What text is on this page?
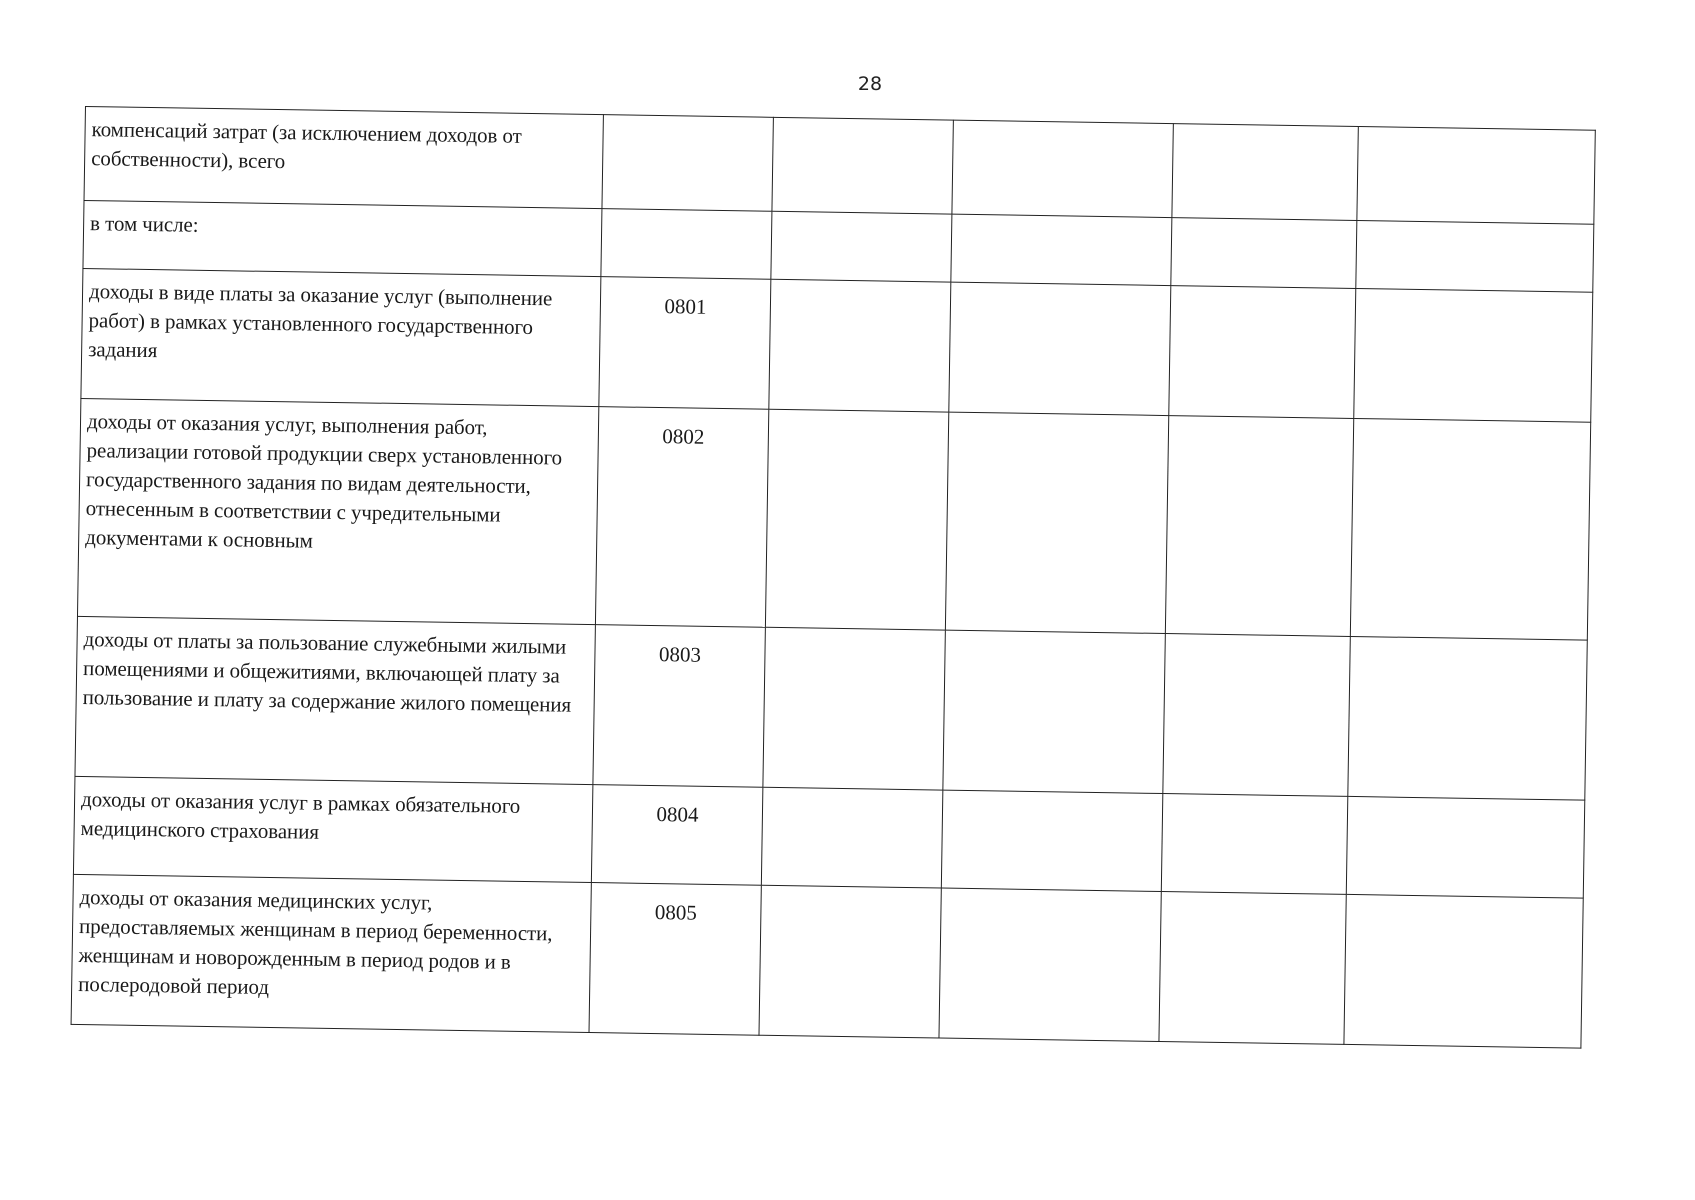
28
компенсаций затрат (за исключением доходов от собственности), всего					
в том числе:					
доходы в виде платы за оказание услуг (выполнение работ) в рамках установленного государственного задания	0801				
доходы от оказания услуг, выполнения работ, реализации готовой продукции сверх установленного государственного задания по видам деятельности, отнесенным в соответствии с учредительными документами к основным	0802				
доходы от платы за пользование служебными жилыми помещениями и общежитиями, включающей плату за пользование и плату за содержание жилого помещения	0803				
доходы от оказания услуг в рамках обязательного медицинского страхования	0804				
доходы от оказания медицинских услуг, предоставляемых женщинам в период беременности, женщинам и новорожденным в период родов и в послеродовой период	0805				
